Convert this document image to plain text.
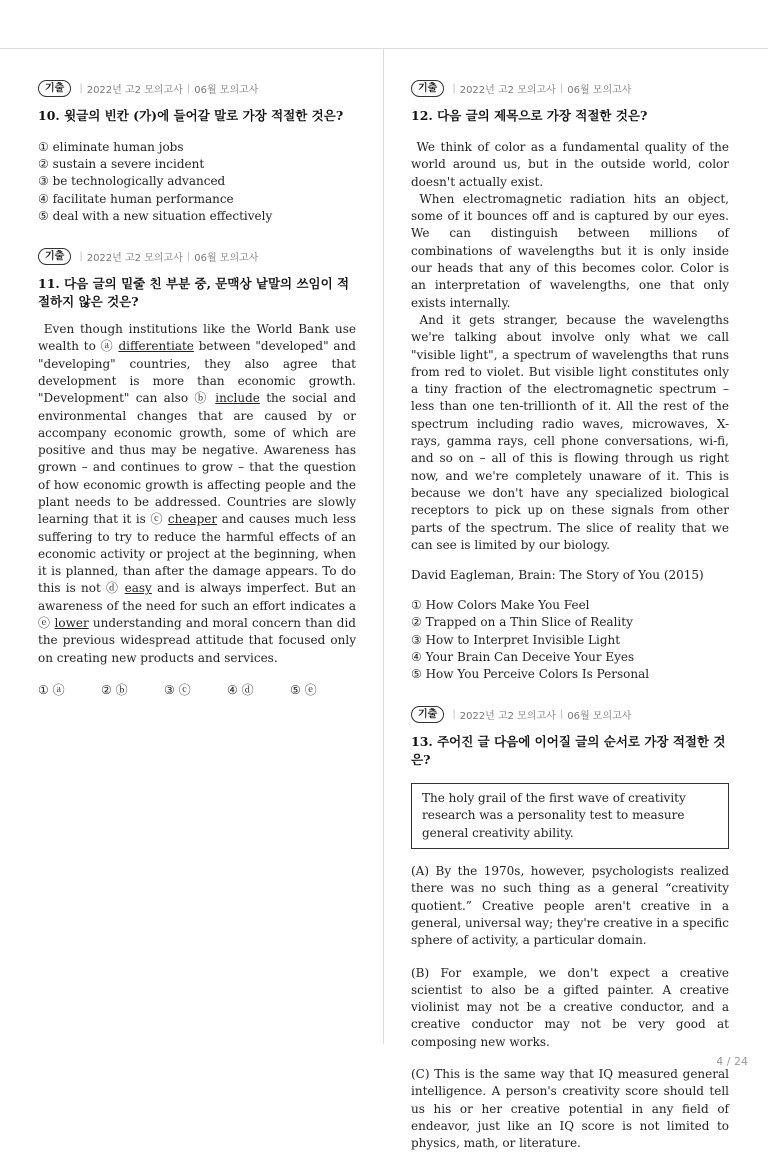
기출	| 2022년 고2 모의고사 | 06월 모의고사
10. 윗글의 빈칸 (가)에 들어갈 말로 가장 적절한 것은?
① eliminate human jobs
② sustain a severe incident
③ be technologically advanced
④ facilitate human performance
⑤ deal with a new situation effectively
기출	| 2022년 고2 모의고사 | 06월 모의고사
11. 다음 글의 밑줄 친 부분 중, 문맥상 낱말의 쓰임이 적절하지 않은 것은?

Even though institutions like the World Bank use wealth to ⓐ differentiate between "developed" and "developing" countries, they also agree that development is more than economic growth. "Development" can also ⓑ include the social and environmental changes that are caused by or accompany economic growth, some of which are positive and thus may be negative. Awareness has grown – and continues to grow – that the question of how economic growth is affecting people and the plant needs to be addressed. Countries are slowly learning that it is ⓒ cheaper and causes much less suffering to try to reduce the harmful effects of an economic activity or project at the beginning, when it is planned, than after the damage appears. To do this is not ⓓ easy and is always imperfect. But an awareness of the need for such an effort indicates a ⓔ lower understanding and moral concern than did the previous widespread attitude that focused only on creating new products and services.

① ⓐ	② ⓑ	③ ⓒ	④ ⓓ	⑤ ⓔ
기출	| 2022년 고2 모의고사 | 06월 모의고사
12. 다음 글의 제목으로 가장 적절한 것은?

We think of color as a fundamental quality of the world around us, but in the outside world, color doesn't actually exist.

When electromagnetic radiation hits an object, some of it bounces off and is captured by our eyes. We can distinguish between millions of combinations of wavelengths but it is only inside our heads that any of this becomes color. Color is an interpretation of wavelengths, one that only exists internally.

And it gets stranger, because the wavelengths we're talking about involve only what we call "visible light", a spectrum of wavelengths that runs from red to violet. But visible light constitutes only a tiny fraction of the electromagnetic spectrum – less than one ten-trillionth of it. All the rest of the spectrum including radio waves, microwaves, X-rays, gamma rays, cell phone conversations, wi-fi, and so on – all of this is flowing through us right now, and we're completely unaware of it. This is because we don't have any specialized biological receptors to pick up on these signals from other parts of the spectrum. The slice of reality that we can see is limited by our biology.

David Eagleman, Brain: The Story of You (2015)
① How Colors Make You Feel
② Trapped on a Thin Slice of Reality
③ How to Interpret Invisible Light
④ Your Brain Can Deceive Your Eyes
⑤ How You Perceive Colors Is Personal
기출	| 2022년 고2 모의고사 | 06월 모의고사
13. 주어진 글 다음에 이어질 글의 순서로 가장 적절한 것은?
The holy grail of the first wave of creativity research was a personality test to measure general creativity ability.
(A) By the 1970s, however, psychologists realized there was no such thing as a general “creativity quotient.” Creative people aren't creative in a general, universal way; they're creative in a specific sphere of activity, a particular domain.
(B) For example, we don't expect a creative scientist to also be a gifted painter. A creative violinist may not be a creative conductor, and a creative conductor may not be very good at composing new works.
(C) This is the same way that IQ measured general intelligence. A person's creativity score should tell us his or her creative potential in any field of endeavor, just like an IQ score is not limited to physics, math, or literature.
4 / 24
